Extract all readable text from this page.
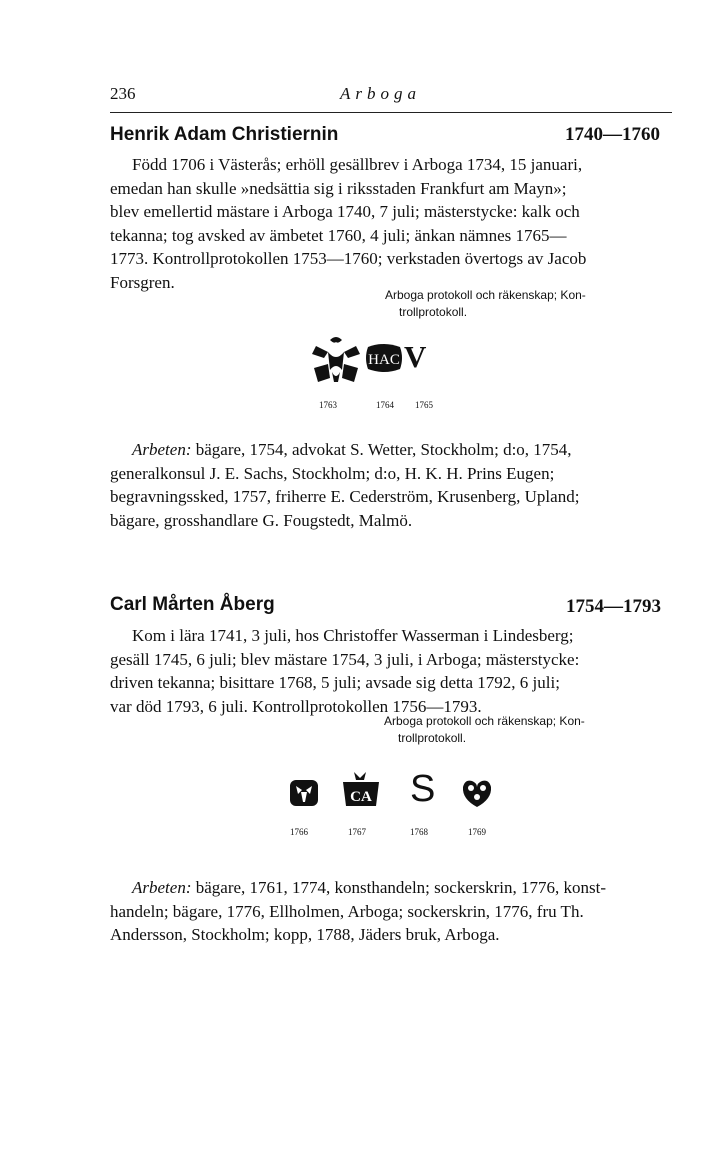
236	Arboga
Henrik Adam Christiernin	1740—1760
Född 1706 i Västerås; erhöll gesällbrev i Arboga 1734, 15 januari,
emedan han skulle »nedsättia sig i riksstaden Frankfurt am Mayn»;
blev emellertid mästare i Arboga 1740, 7 juli; mästerstycke: kalk och
tekanna; tog avsked av ämbetet 1760, 4 juli; änkan nämnes 1765—
1773. Kontrollprotokollen 1753—1760; verkstaden övertogs av Jacob
Forsgren.
Arboga protokoll och räkenskap; Kon-
trollprotokoll.
HAC V
1763	1764 1765
Arbeten: bägare, 1754, advokat S. Wetter, Stockholm; d:o, 1754,
generalkonsul J. E. Sachs, Stockholm; d:o, H. K. H. Prins Eugen;
begravningssked, 1757, friherre E. Cederström, Krusenberg, Upland;
bägare, grosshandlare G. Fougstedt, Malmö.
Carl Mårten Åberg	1754—1793
Kom i lära 1741, 3 juli, hos Christoffer Wasserman i Lindesberg;
gesäll 1745, 6 juli; blev mästare 1754, 3 juli, i Arboga; mästerstycke:
driven tekanna; bisittare 1768, 5 juli; avsade sig detta 1792, 6 juli;
var död 1793, 6 juli. Kontrollprotokollen 1756—1793.
Arboga protokoll och räkenskap; Kon-
trollprotokoll.
CA S
1766	1767	1768	1769
Arbeten: bägare, 1761, 1774, konsthandeln; sockerskrin, 1776, konst-
handeln; bägare, 1776, Ellholmen, Arboga; sockerskrin, 1776, fru Th.
Andersson, Stockholm; kopp, 1788, Jäders bruk, Arboga.
